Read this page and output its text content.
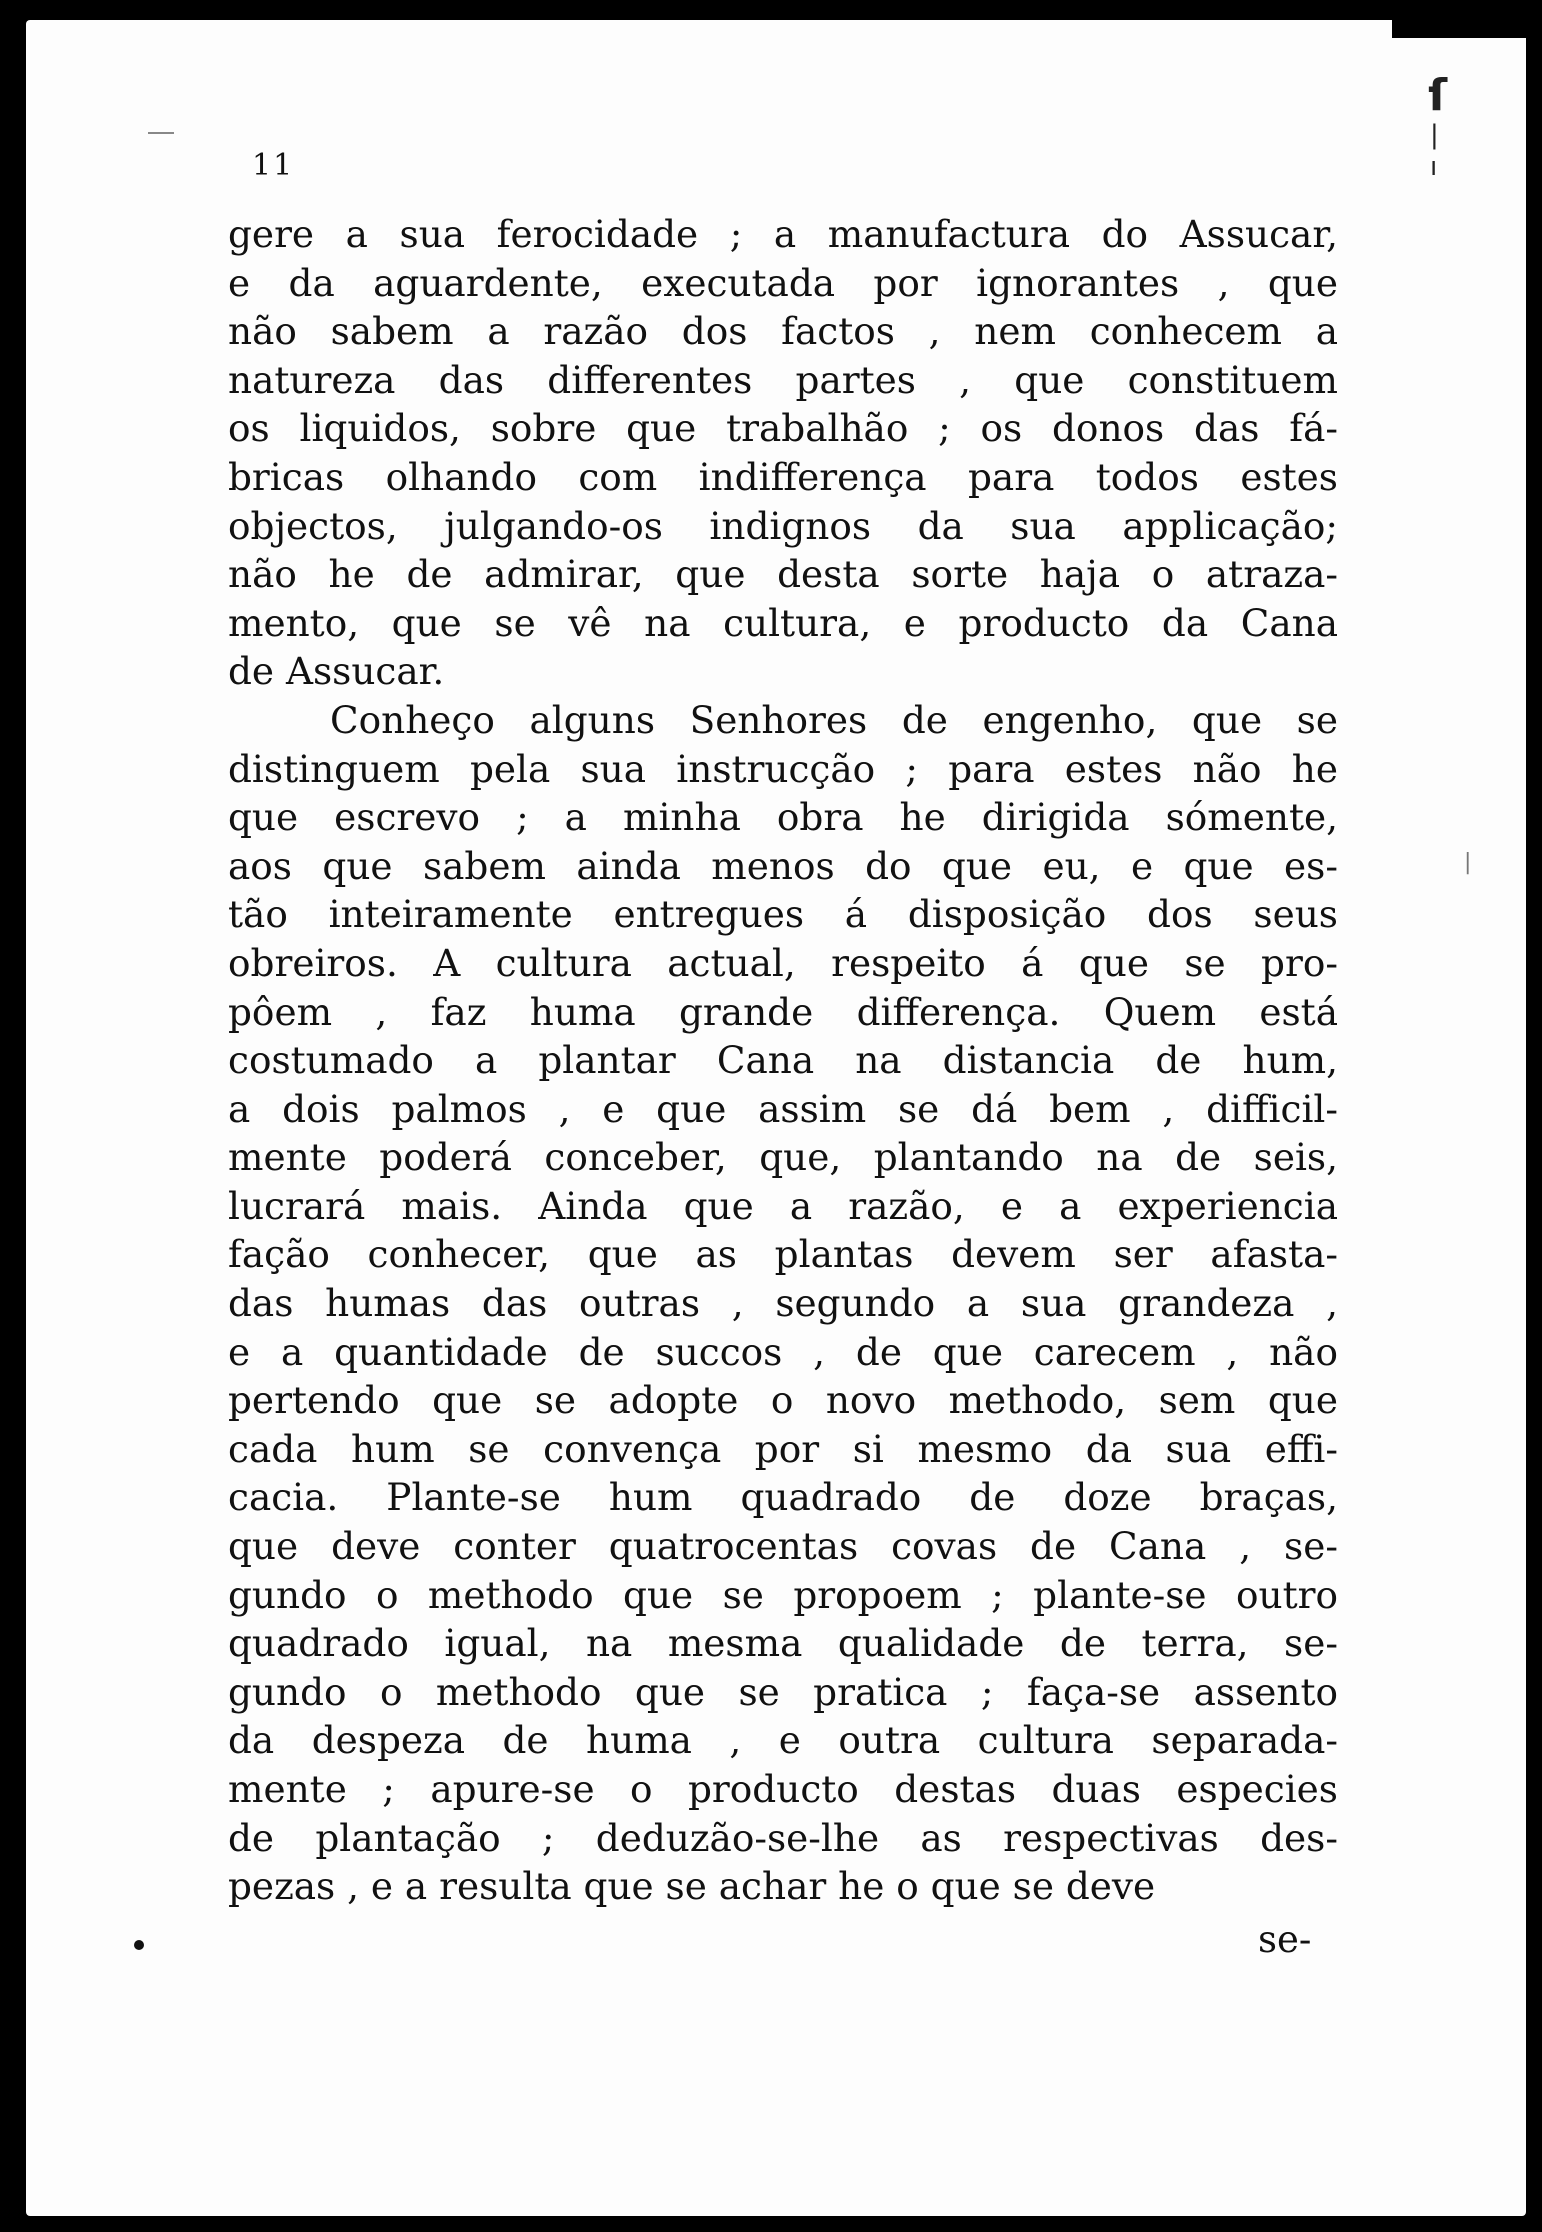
11
gere a sua ferocidade ; a manufactura do Assucar,
e da aguardente, executada por ignorantes , que
não sabem a razão dos factos , nem conhecem a
natureza das differentes partes , que constituem
os liquidos, sobre que trabalhão ; os donos das fá-
bricas olhando com indifferença para todos estes
objectos, julgando-os indignos da sua applicação;
não he de admirar, que desta sorte haja o atraza-
mento, que se vê na cultura, e producto da Cana
de Assucar.
Conheço alguns Senhores de engenho, que se
distinguem pela sua instrucção ; para estes não he
que escrevo ; a minha obra he dirigida sómente,
aos que sabem ainda menos do que eu, e que es-
tão inteiramente entregues á disposição dos seus
obreiros. A cultura actual, respeito á que se pro-
pôem , faz huma grande differença. Quem está
costumado a plantar Cana na distancia de hum,
a dois palmos , e que assim se dá bem , difficil-
mente poderá conceber, que, plantando na de seis,
lucrará mais. Ainda que a razão, e a experiencia
fação conhecer, que as plantas devem ser afasta-
das humas das outras , segundo a sua grandeza ,
e a quantidade de succos , de que carecem , não
pertendo que se adopte o novo methodo, sem que
cada hum se convença por si mesmo da sua effi-
cacia. Plante-se hum quadrado de doze braças,
que deve conter quatrocentas covas de Cana , se-
gundo o methodo que se propoem ; plante-se outro
quadrado igual, na mesma qualidade de terra, se-
gundo o methodo que se pratica ; faça-se assento
da despeza de huma , e outra cultura separada-
mente ; apure-se o producto destas duas especies
de plantação ; deduzão-se-lhe as respectivas des-
pezas , e a resulta que se achar he o que se deve
se-
ſ
|
ı
|
